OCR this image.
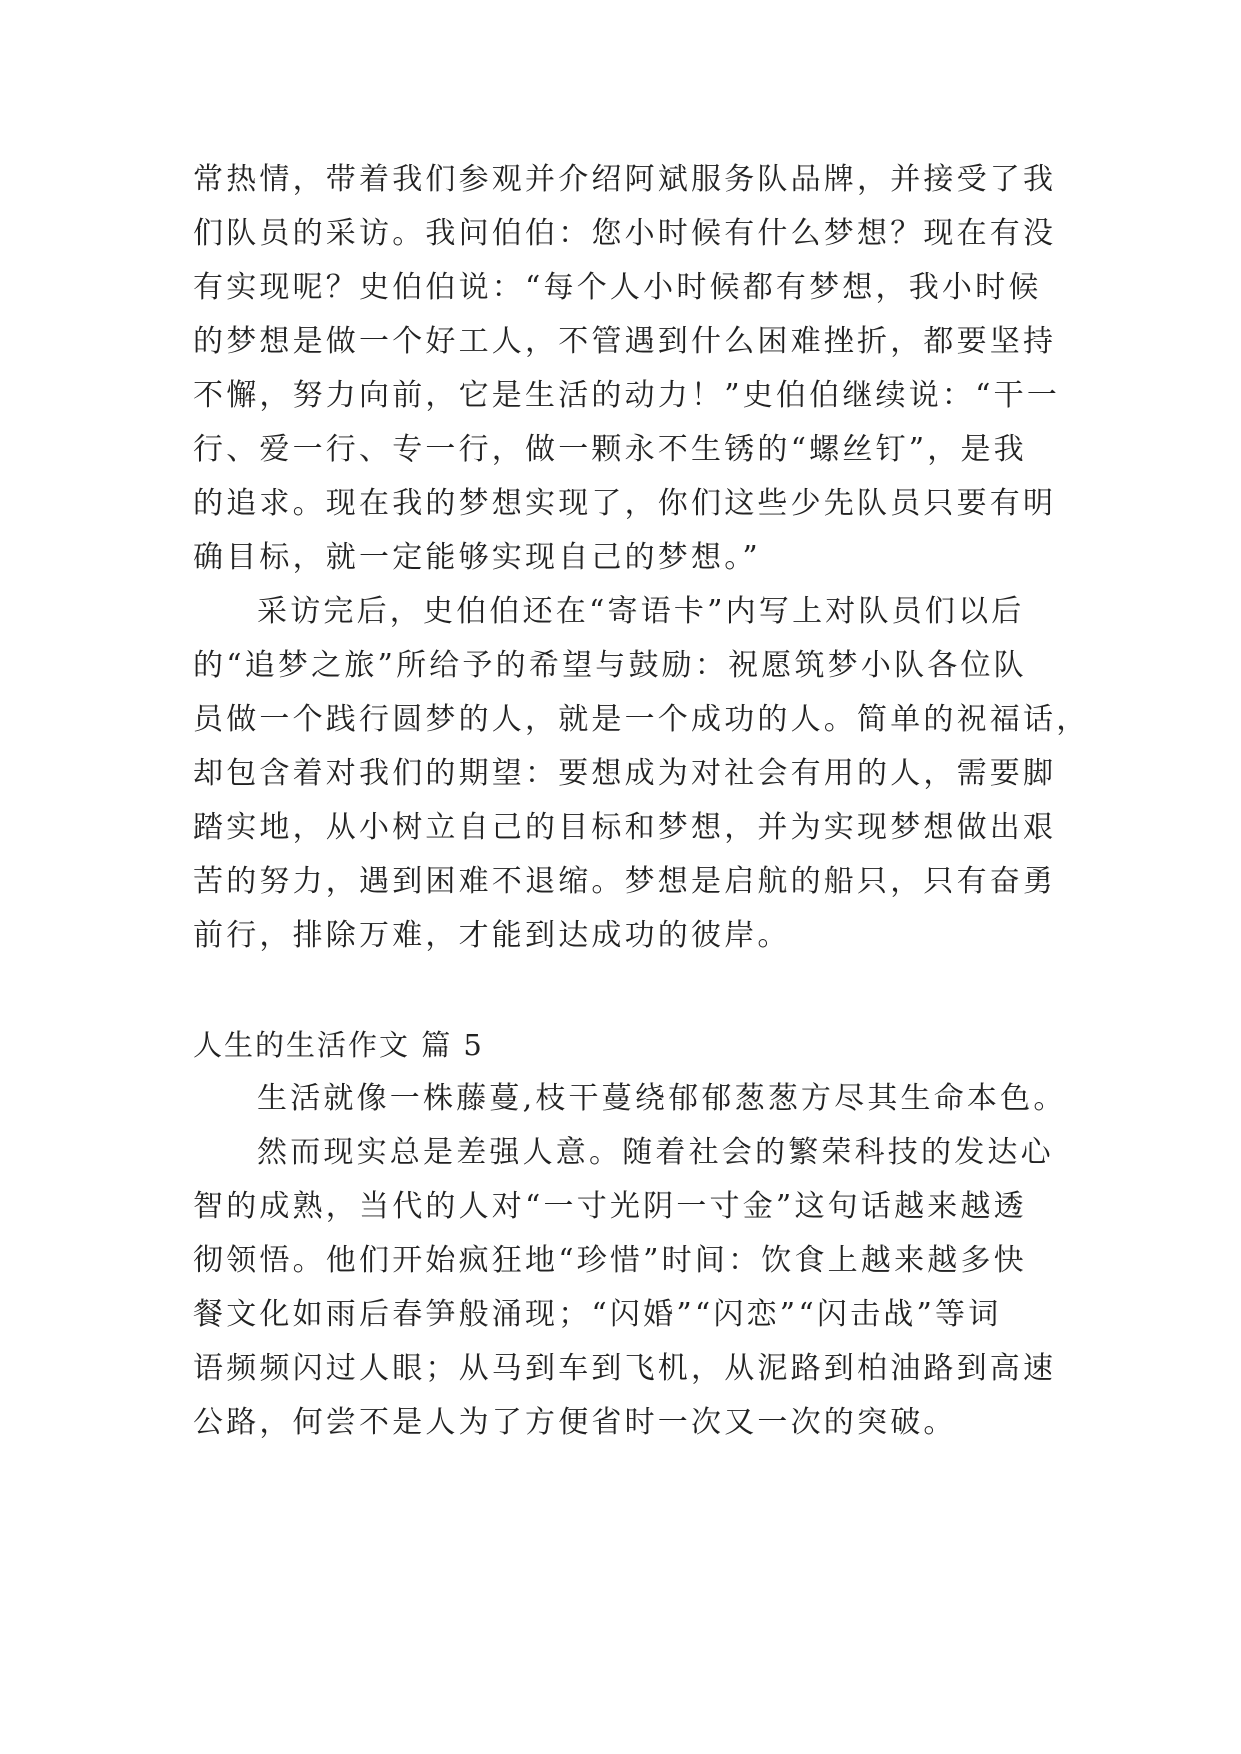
常热情，带着我们参观并介绍阿斌服务队品牌，并接受了我
们队员的采访。我问伯伯：您小时候有什么梦想？现在有没
有实现呢？史伯伯说：“每个人小时候都有梦想，我小时候
的梦想是做一个好工人，不管遇到什么困难挫折，都要坚持
不懈，努力向前，它是生活的动力！”史伯伯继续说：“干一
行、爱一行、专一行，做一颗永不生锈的“螺丝钉”，是我
的追求。现在我的梦想实现了，你们这些少先队员只要有明
确目标，就一定能够实现自己的梦想。”
采访完后，史伯伯还在“寄语卡”内写上对队员们以后
的“追梦之旅”所给予的希望与鼓励：祝愿筑梦小队各位队
员做一个践行圆梦的人，就是一个成功的人。简单的祝福话，
却包含着对我们的期望：要想成为对社会有用的人，需要脚
踏实地，从小树立自己的目标和梦想，并为实现梦想做出艰
苦的努力，遇到困难不退缩。梦想是启航的船只，只有奋勇
前行，排除万难，才能到达成功的彼岸。
人生的生活作文 篇 5
生活就像一株藤蔓,枝干蔓绕郁郁葱葱方尽其生命本色。
然而现实总是差强人意。随着社会的繁荣科技的发达心
智的成熟，当代的人对“一寸光阴一寸金”这句话越来越透
彻领悟。他们开始疯狂地“珍惜”时间：饮食上越来越多快
餐文化如雨后春笋般涌现；“闪婚”“闪恋”“闪击战”等词
语频频闪过人眼；从马到车到飞机，从泥路到柏油路到高速
公路，何尝不是人为了方便省时一次又一次的突破。
